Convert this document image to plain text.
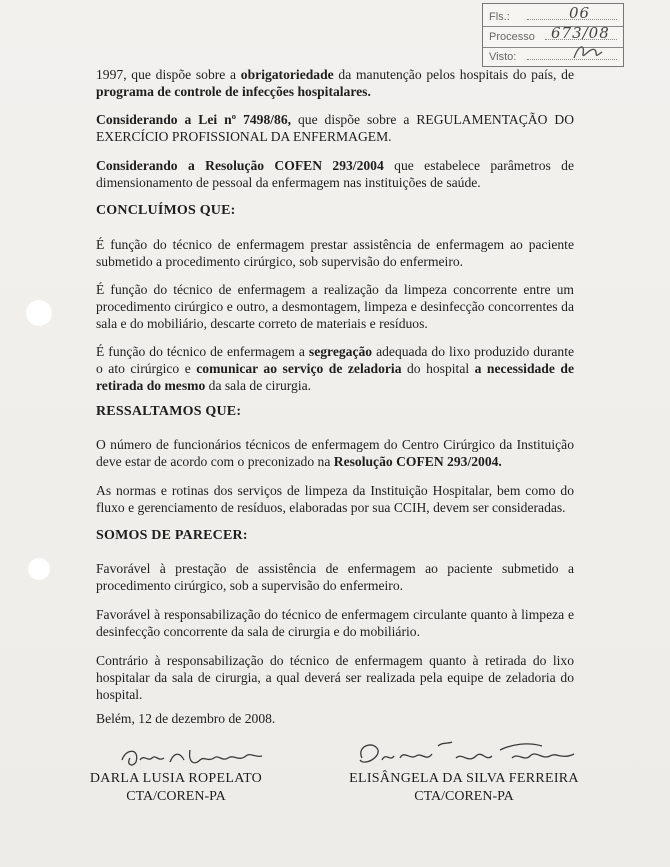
Fls.:	06
Processo 673/08
Visto:

1997, que dispõe sobre a obrigatoriedade da manutenção pelos hospitais do país, de programa de controle de infecções hospitalares.

Considerando a Lei nº 7498/86, que dispõe sobre a REGULAMENTAÇÃO DO EXERCÍCIO PROFISSIONAL DA ENFERMAGEM.

Considerando a Resolução COFEN 293/2004 que estabelece parâmetros de dimensionamento de pessoal da enfermagem nas instituições de saúde.

CONCLUÍMOS QUE:

É função do técnico de enfermagem prestar assistência de enfermagem ao paciente submetido a procedimento cirúrgico, sob supervisão do enfermeiro.

É função do técnico de enfermagem a realização da limpeza concorrente entre um procedimento cirúrgico e outro, a desmontagem, limpeza e desinfecção concorrentes da sala e do mobiliário, descarte correto de materiais e resíduos.

É função do técnico de enfermagem a segregação adequada do lixo produzido durante o ato cirúrgico e comunicar ao serviço de zeladoria do hospital a necessidade de retirada do mesmo da sala de cirurgia.

RESSALTAMOS QUE:

O número de funcionários técnicos de enfermagem do Centro Cirúrgico da Instituição deve estar de acordo com o preconizado na Resolução COFEN 293/2004.

As normas e rotinas dos serviços de limpeza da Instituição Hospitalar, bem como do fluxo e gerenciamento de resíduos, elaboradas por sua CCIH, devem ser consideradas.

SOMOS DE PARECER:

Favorável à prestação de assistência de enfermagem ao paciente submetido a procedimento cirúrgico, sob a supervisão do enfermeiro.

Favorável à responsabilização do técnico de enfermagem circulante quanto à limpeza e desinfecção concorrente da sala de cirurgia e do mobiliário.

Contrário à responsabilização do técnico de enfermagem quanto à retirada do lixo hospitalar da sala de cirurgia, a qual deverá ser realizada pela equipe de zeladoria do hospital.

Belém, 12 de dezembro de 2008.

DARLA LUSIA ROPELATO
CTA/COREN-PA
ELISÂNGELA DA SILVA FERREIRA
CTA/COREN-PA
